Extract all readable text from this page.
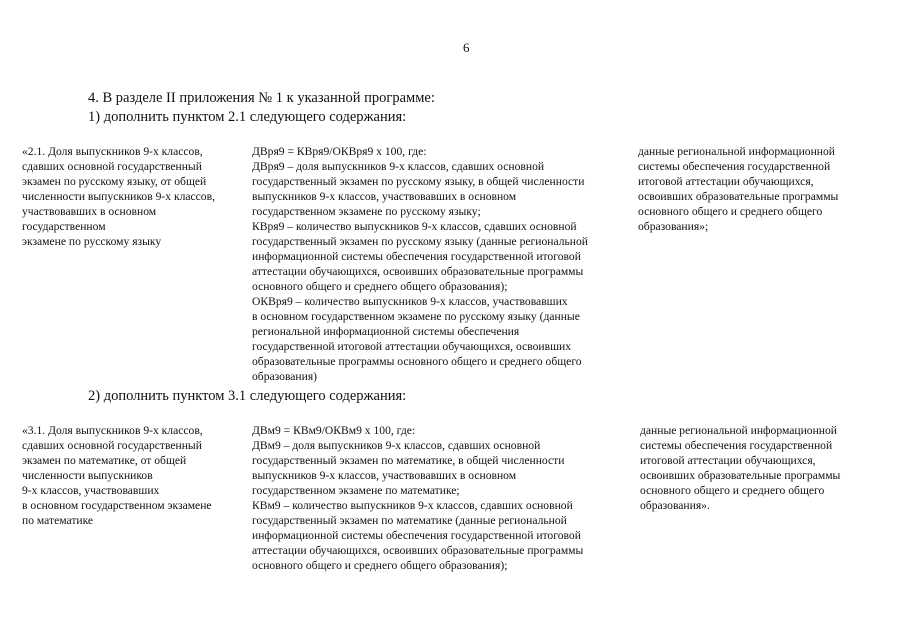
6
4. В разделе II приложения № 1 к указанной программе:
1) дополнить пунктом 2.1 следующего содержания:
«2.1. Доля выпускников 9-х классов,
сдавших основной государственный
экзамен по русскому языку, от общей
численности выпускников 9-х классов,
участвовавших в основном
государственном
экзамене по русскому языку
ДВря9 = КВря9/ОКВря9 х 100, где:
ДВря9 – доля выпускников 9-х классов, сдавших основной
государственный экзамен по русскому языку, в общей численности
выпускников 9-х классов, участвовавших в основном
государственном экзамене по русскому языку;
КВря9 – количество выпускников 9-х классов, сдавших основной
государственный экзамен по русскому языку (данные региональной
информационной системы обеспечения государственной итоговой
аттестации обучающихся, освоивших образовательные программы
основного общего и среднего общего образования);
ОКВря9 – количество выпускников 9-х классов, участвовавших
в основном государственном экзамене по русскому языку (данные
региональной информационной системы обеспечения
государственной итоговой аттестации обучающихся, освоивших
образовательные программы основного общего и среднего общего
образования)
данные региональной информационной
системы обеспечения государственной
итоговой аттестации обучающихся,
освоивших образовательные программы
основного общего и среднего общего
образования»;
2) дополнить пунктом 3.1 следующего содержания:
«3.1. Доля выпускников 9-х классов,
сдавших основной государственный
экзамен по математике, от общей
численности выпускников
9-х классов, участвовавших
в основном государственном экзамене
по математике
ДВм9 = КВм9/ОКВм9 х 100, где:
ДВм9 – доля выпускников 9-х классов, сдавших основной
государственный экзамен по математике, в общей численности
выпускников 9-х классов, участвовавших в основном
государственном экзамене по математике;
КВм9 – количество выпускников 9-х классов, сдавших основной
государственный экзамен по математике (данные региональной
информационной системы обеспечения государственной итоговой
аттестации обучающихся, освоивших образовательные программы
основного общего и среднего общего образования);
данные региональной информационной
системы обеспечения государственной
итоговой аттестации обучающихся,
освоивших образовательные программы
основного общего и среднего общего
образования».
